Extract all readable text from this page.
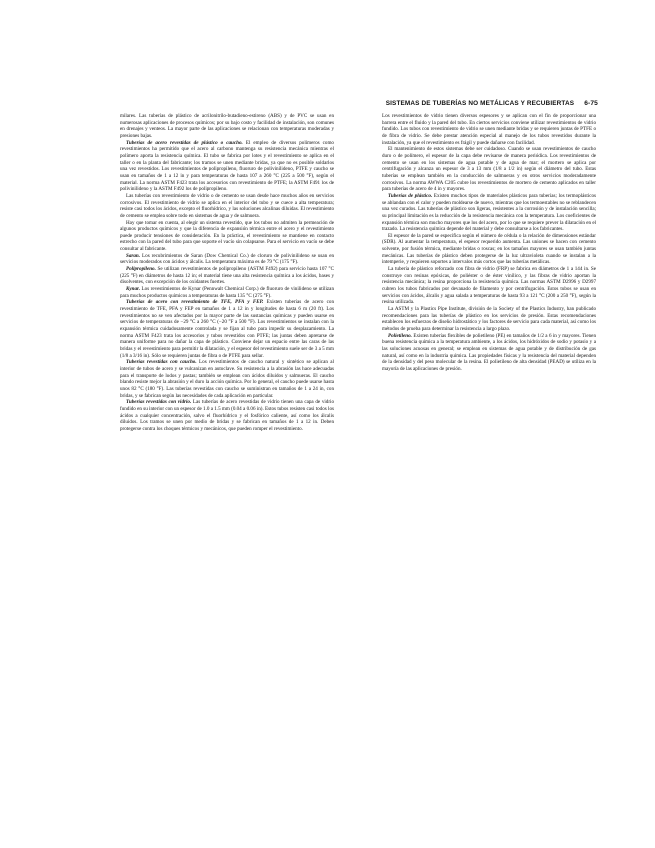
SISTEMAS DE TUBERÍAS NO METÁLICAS Y RECUBIERTAS 6-75

milares. Las tuberías de plástico de acrilonitrilo-butadieno-estireno (ABS) y de PVC se usan en numerosas aplicaciones de procesos químicos; por su bajo costo y facilidad de instalación, son comunes en drenajes y venteos. La mayor parte de las aplicaciones se relacionan con temperaturas moderadas y presiones bajas.

Tuberías de acero revestidas de plástico o caucho. El empleo de diversos polímeros como revestimientos ha permitido que el acero al carbono mantenga su resistencia mecánica mientras el polímero aporta la resistencia química. El tubo se fabrica por lotes y el revestimiento se aplica en el taller o en la planta del fabricante; los tramos se unen mediante bridas, ya que no es posible soldarlos una vez revestidos. Los revestimientos de polipropileno, fluoruro de polivinilideno, PTFE y caucho se usan en tamaños de 1 a 12 in y para temperaturas de hasta 107 a 260 °C (225 a 500 °F), según el material. La norma ASTM F423 trata los accesorios con revestimiento de PTFE; la ASTM F491 los de polivinilideno y la ASTM F492 los de polipropileno.

Las tuberías con revestimiento de vidrio o de cemento se usan desde hace muchos años en servicios corrosivos. El revestimiento de vidrio se aplica en el interior del tubo y se cuece a alta temperatura; resiste casi todos los ácidos, excepto el fluorhídrico, y las soluciones alcalinas diluidas. El revestimiento de cemento se emplea sobre todo en sistemas de agua y de salmuera.

Hay que tomar en cuenta, al elegir un sistema revestido, que los tubos no admiten la permeación de algunos productos químicos y que la diferencia de expansión térmica entre el acero y el revestimiento puede producir tensiones de consideración. En la práctica, el revestimiento se mantiene en contacto estrecho con la pared del tubo para que soporte el vacío sin colapsarse. Para el servicio en vacío se debe consultar al fabricante.

Saran. Los recubrimientos de Saran (Dow Chemical Co.) de cloruro de polivinilideno se usan en servicios moderados con ácidos y álcalis. La temperatura máxima es de 79 °C (175 °F).

Polipropileno. Se utilizan revestimientos de polipropileno (ASTM F492) para servicio hasta 107 °C (225 °F) en diámetros de hasta 12 in; el material tiene una alta resistencia química a los ácidos, bases y disolventes, con excepción de los oxidantes fuertes.

Kynar. Los revestimientos de Kynar (Pennwalt Chemical Corp.) de fluoruro de vinilideno se utilizan para muchos productos químicos a temperaturas de hasta 135 °C (275 °F).

Tuberías de acero con revestimiento de TFE, PFA y FEP. Existen tuberías de acero con revestimiento de TFE, PFA y FEP en tamaños de 1 a 12 in y longitudes de hasta 6 m (20 ft). Los revestimientos no se ven afectados por la mayor parte de las sustancias químicas y pueden usarse en servicios de temperaturas de −29 °C a 260 °C (−20 °F a 500 °F). Los revestimientos se instalan con la expansión térmica cuidadosamente controlada y se fijan al tubo para impedir su desplazamiento. La norma ASTM F423 trata los accesorios y tubos revestidos con PTFE; las juntas deben apretarse de manera uniforme para no dañar la capa de plástico. Conviene dejar un espacio entre las caras de las bridas y el revestimiento para permitir la dilatación, y el espesor del revestimiento suele ser de 3 a 5 mm (1/8 a 3/16 in). Sólo se requieren juntas de fibra o de PTFE para sellar.

Tuberías revestidas con caucho. Los revestimientos de caucho natural y sintético se aplican al interior de tubos de acero y se vulcanizan en autoclave. Su resistencia a la abrasión las hace adecuadas para el transporte de lodos y pastas; también se emplean con ácidos diluidos y salmueras. El caucho blando resiste mejor la abrasión y el duro la acción química. Por lo general, el caucho puede usarse hasta unos 82 °C (180 °F). Las tuberías revestidas con caucho se suministran en tamaños de 1 a 24 in, con bridas, y se fabrican según las necesidades de cada aplicación en particular.

Tuberías revestidas con vidrio. Las tuberías de acero revestidas de vidrio tienen una capa de vidrio fundido en su interior con un espesor de 1.0 a 1.5 mm (0.04 a 0.06 in). Estos tubos resisten casi todos los ácidos a cualquier concentración, salvo el fluorhídrico y el fosfórico caliente, así como los álcalis diluidos. Los tramos se unen por medio de bridas y se fabrican en tamaños de 1 a 12 in. Deben protegerse contra los choques térmicos y mecánicos, que pueden romper el revestimiento.

Los revestimientos de vidrio tienen diversos espesores y se aplican con el fin de proporcionar una barrera entre el fluido y la pared del tubo. En ciertos servicios conviene utilizar revestimientos de vidrio fundido. Los tubos con revestimiento de vidrio se unen mediante bridas y se requieren juntas de PTFE o de fibra de vidrio. Se debe prestar atención especial al manejo de los tubos revestidos durante la instalación, ya que el revestimiento es frágil y puede dañarse con facilidad.

El mantenimiento de estos sistemas debe ser cuidadoso. Cuando se usan revestimientos de caucho duro o de polímero, el espesor de la capa debe revisarse de manera periódica. Los revestimientos de cemento se usan en los sistemas de agua potable y de agua de mar; el mortero se aplica por centrifugación y alcanza un espesor de 3 a 13 mm (1/8 a 1/2 in) según el diámetro del tubo. Estas tuberías se emplean también en la conducción de salmueras y en otros servicios moderadamente corrosivos. La norma AWWA C205 cubre los revestimientos de mortero de cemento aplicados en taller para tuberías de acero de 4 in y mayores.

Tuberías de plástico. Existen muchos tipos de materiales plásticos para tuberías; los termoplásticos se ablandan con el calor y pueden moldearse de nuevo, mientras que los termoestables no se reblandecen una vez curados. Las tuberías de plástico son ligeras, resistentes a la corrosión y de instalación sencilla; su principal limitación es la reducción de la resistencia mecánica con la temperatura. Los coeficientes de expansión térmica son mucho mayores que los del acero, por lo que se requiere prever la dilatación en el trazado. La resistencia química depende del material y debe consultarse a los fabricantes.

El espesor de la pared se especifica según el número de cédula o la relación de dimensiones estándar (SDR). Al aumentar la temperatura, el espesor requerido aumenta. Las uniones se hacen con cemento solvente, por fusión térmica, mediante bridas o roscas; en los tamaños mayores se usan también juntas mecánicas. Las tuberías de plástico deben protegerse de la luz ultravioleta cuando se instalan a la intemperie, y requieren soportes a intervalos más cortos que las tuberías metálicas.

La tubería de plástico reforzado con fibra de vidrio (FRP) se fabrica en diámetros de 1 a 144 in. Se construye con resinas epóxicas, de poliéster o de éster vinílico, y las fibras de vidrio aportan la resistencia mecánica; la resina proporciona la resistencia química. Las normas ASTM D2996 y D2997 cubren los tubos fabricados por devanado de filamento y por centrifugación. Estos tubos se usan en servicios con ácidos, álcalis y agua salada a temperaturas de hasta 93 a 121 °C (200 a 250 °F), según la resina utilizada.

La ASTM y la Plastics Pipe Institute, división de la Society of the Plastics Industry, han publicado recomendaciones para las tuberías de plástico en los servicios de presión. Estas recomendaciones establecen los esfuerzos de diseño hidrostático y los factores de servicio para cada material, así como los métodos de prueba para determinar la resistencia a largo plazo.

Polietileno. Existen tuberías flexibles de polietileno (PE) en tamaños de 1/2 a 6 in y mayores. Tienen buena resistencia química a la temperatura ambiente, a los ácidos, los hidróxidos de sodio y potasio y a las soluciones acuosas en general; se emplean en sistemas de agua potable y de distribución de gas natural, así como en la industria química. Las propiedades físicas y la resistencia del material dependen de la densidad y del peso molecular de la resina. El polietileno de alta densidad (PEAD) se utiliza en la mayoría de las aplicaciones de presión.
